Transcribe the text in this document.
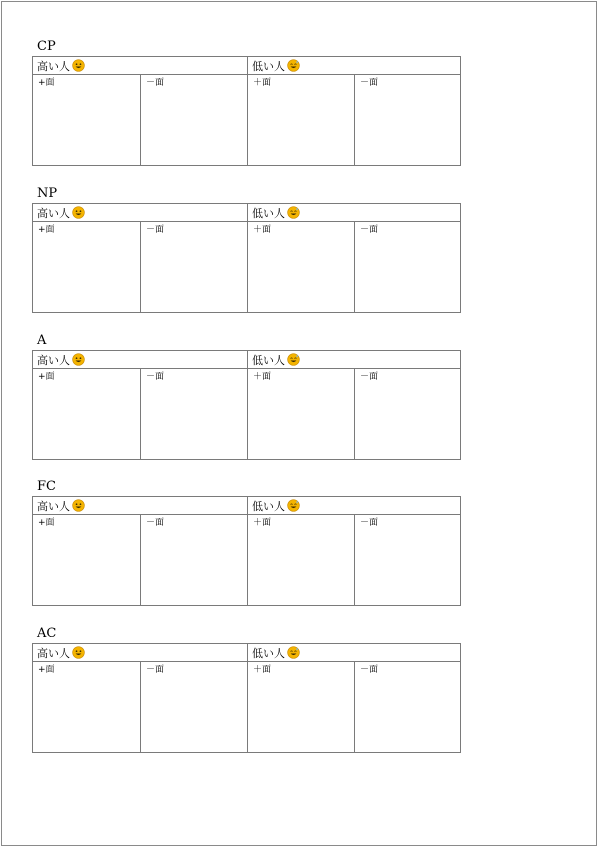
CP
高い人	低い人
+面	－面	＋面	－面
NP
高い人	低い人
+面	－面	＋面	－面
A
高い人	低い人
+面	－面	＋面	－面
FC
高い人	低い人
+面	－面	＋面	－面
AC
高い人	低い人
+面	－面	＋面	－面
